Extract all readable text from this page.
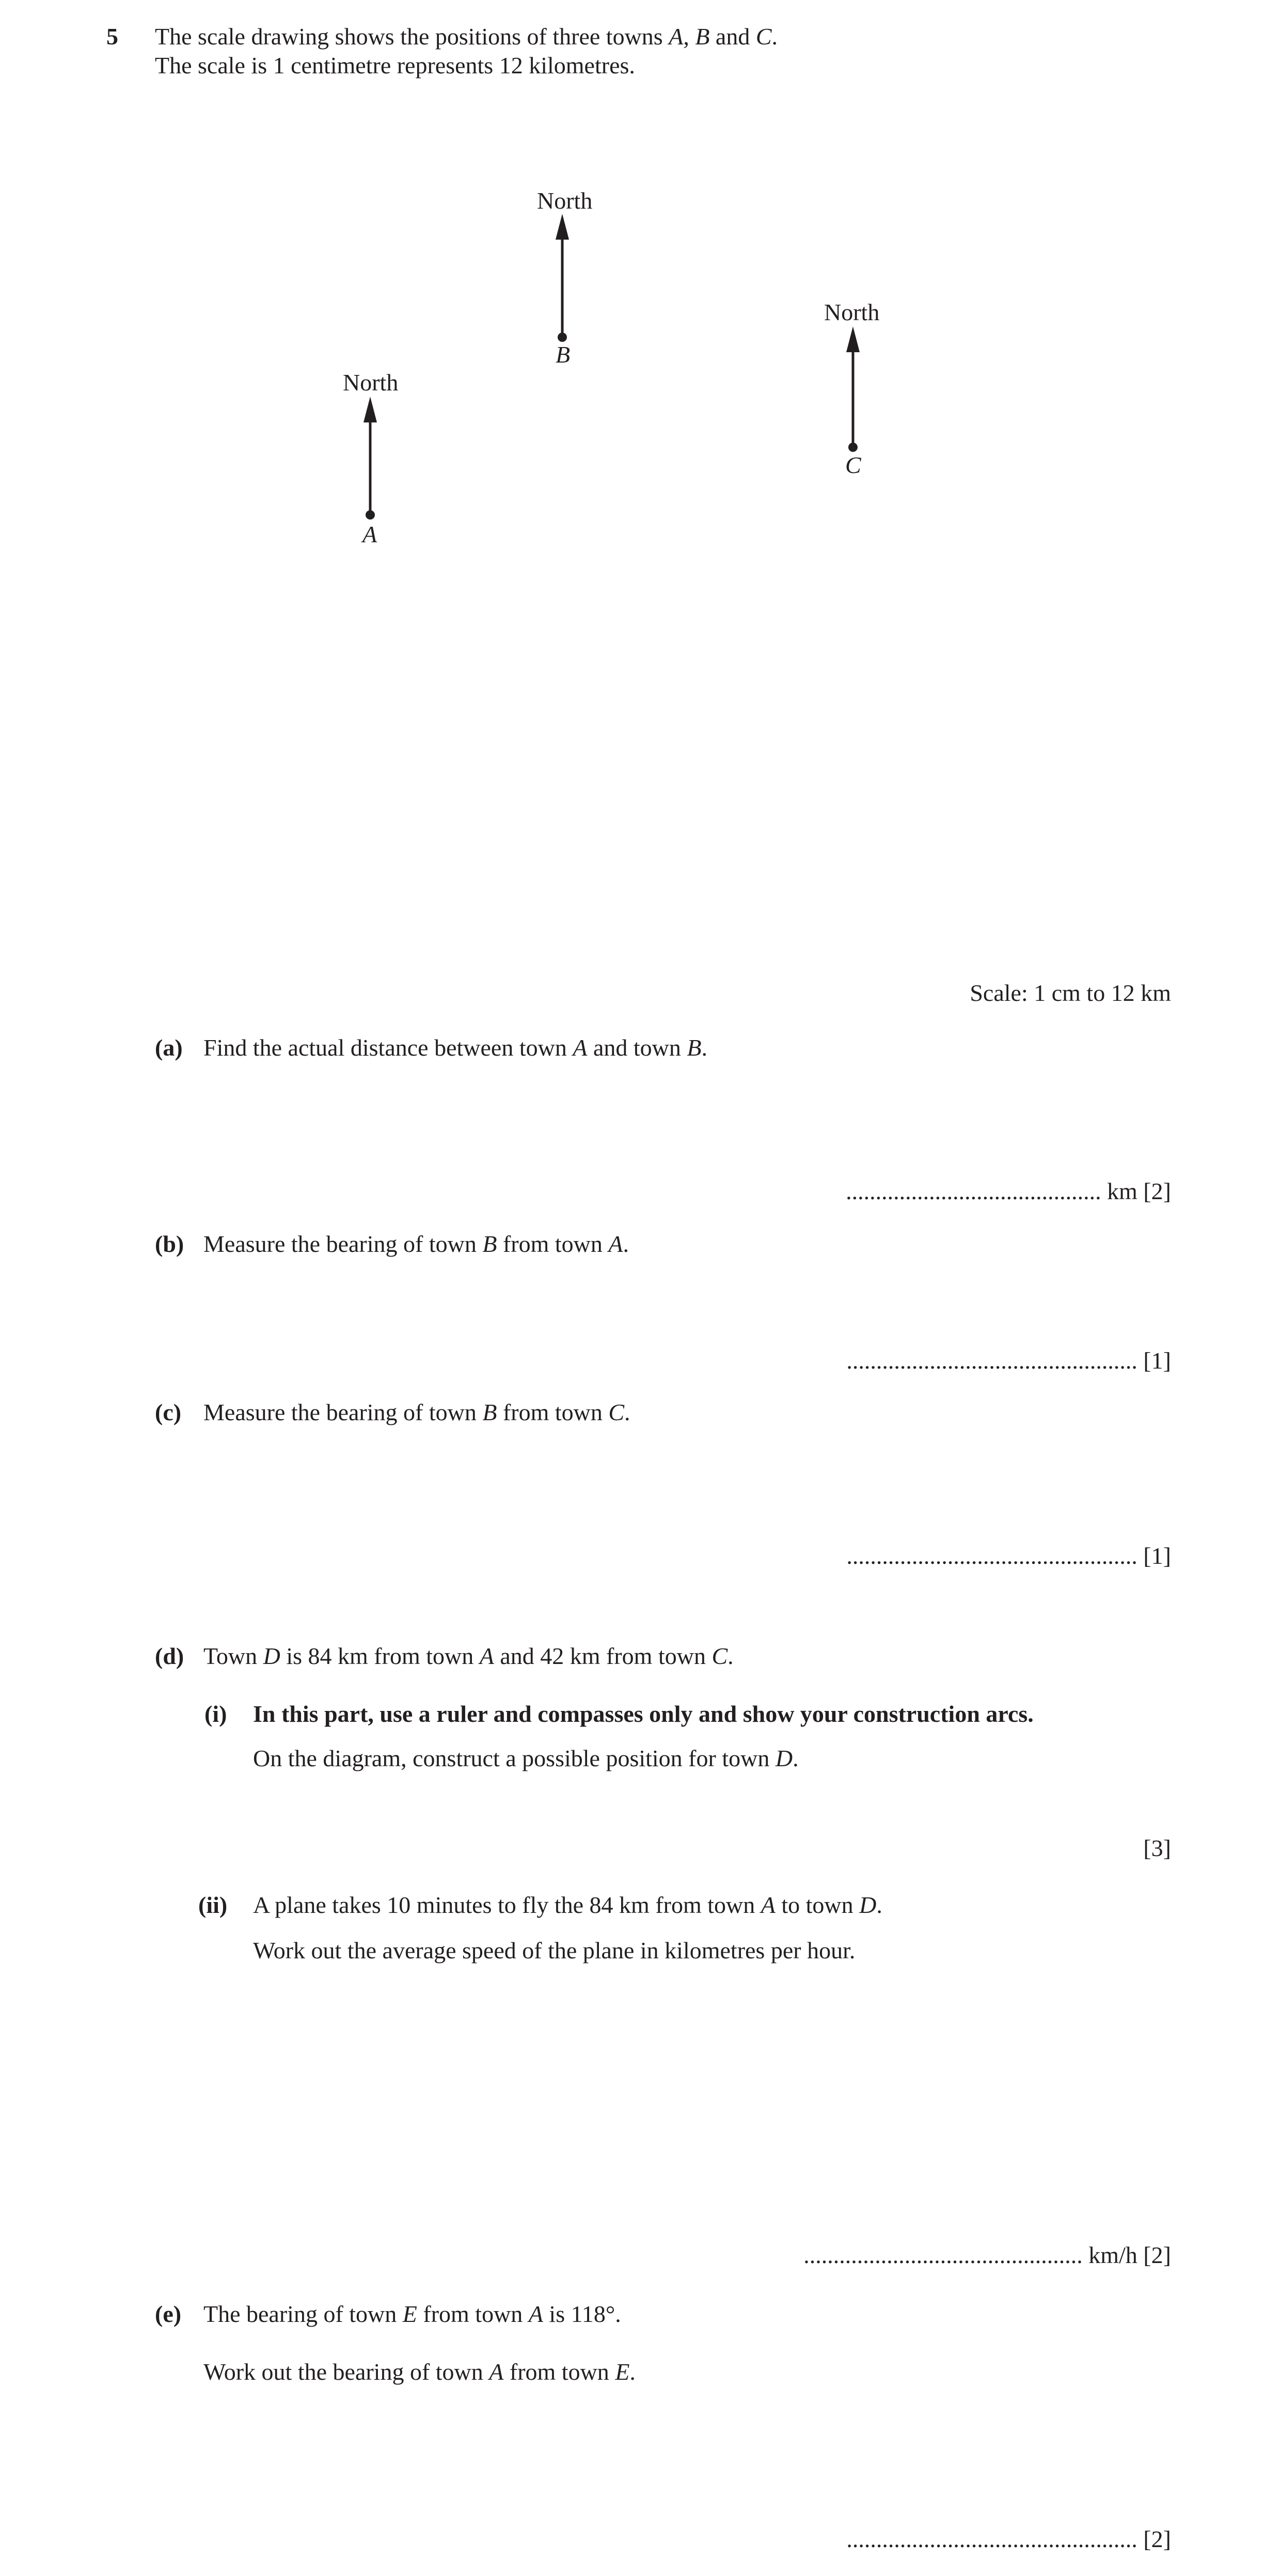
5 The scale drawing shows the positions of three towns A, B and C.
The scale is 1 centimetre represents 12 kilometres.
North
North
North
B
C
A
Scale: 1 cm to 12 km
(a) Find the actual distance between town A and town B.
........................................... km [2]
(b) Measure the bearing of town B from town A.
................................................. [1]
(c) Measure the bearing of town B from town C.
................................................. [1]
(d) Town D is 84 km from town A and 42 km from town C.
(i) In this part, use a ruler and compasses only and show your construction arcs.
On the diagram, construct a possible position for town D.
[3]
(ii) A plane takes 10 minutes to fly the 84 km from town A to town D.
Work out the average speed of the plane in kilometres per hour.
............................................... km/h [2]
(e) The bearing of town E from town A is 118°.
Work out the bearing of town A from town E.
................................................. [2]
